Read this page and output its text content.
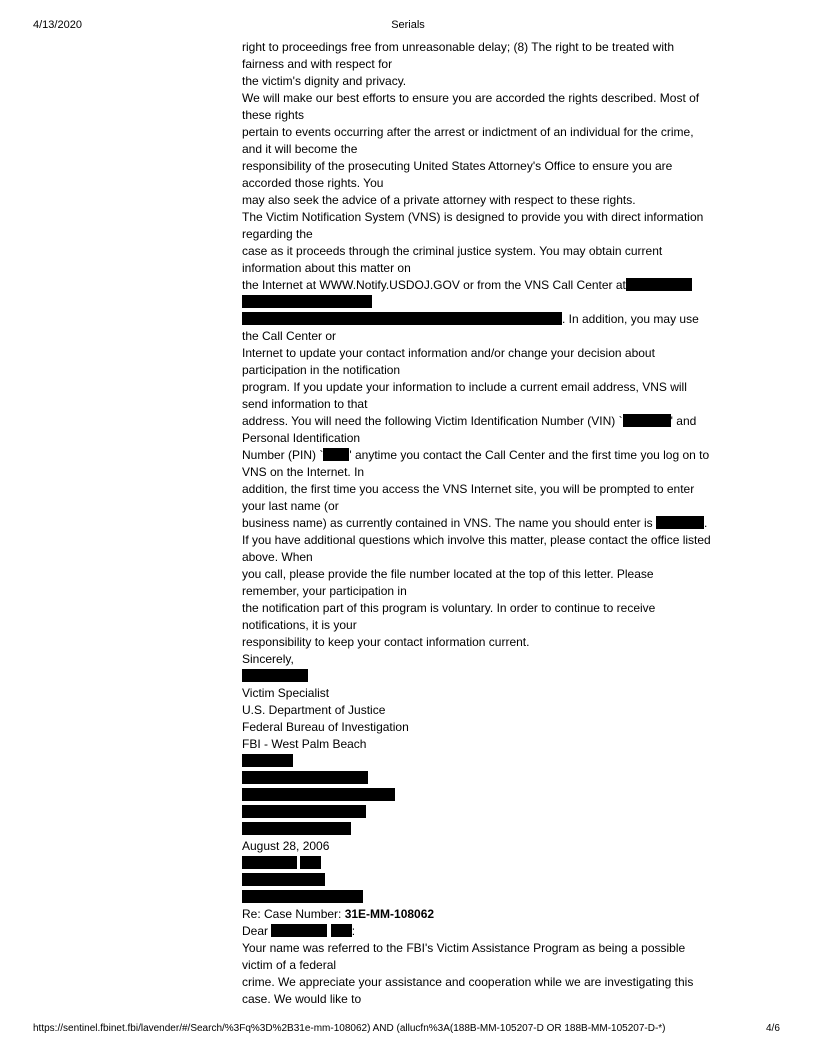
4/13/2020	Serials
right to proceedings free from unreasonable delay; (8) The right to be treated with
fairness and with respect for
the victim's dignity and privacy.
We will make our best efforts to ensure you are accorded the rights described. Most of
these rights
pertain to events occurring after the arrest or indictment of an individual for the crime,
and it will become the
responsibility of the prosecuting United States Attorney's Office to ensure you are
accorded those rights. You
may also seek the advice of a private attorney with respect to these rights.
The Victim Notification System (VNS) is designed to provide you with direct information
regarding the
case as it proceeds through the criminal justice system. You may obtain current
information about this matter on
the Internet at WWW.Notify.USDOJ.GOV or from the VNS Call Center at
. In addition, you may use
the Call Center or
Internet to update your contact information and/or change your decision about
participation in the notification
program. If you update your information to include a current email address, VNS will
send information to that
address. You will need the following Victim Identification Number (VIN) `	' and
Personal Identification
Number (PIN) ` ' anytime you contact the Call Center and the first time you log on to
VNS on the Internet. In
addition, the first time you access the VNS Internet site, you will be prompted to enter
your last name (or
business name) as currently contained in VNS. The name you should enter is	.
If you have additional questions which involve this matter, please contact the office listed
above. When
you call, please provide the file number located at the top of this letter. Please
remember, your participation in
the notification part of this program is voluntary. In order to continue to receive
notifications, it is your
responsibility to keep your contact information current.
Sincerely,
Victim Specialist
U.S. Department of Justice
Federal Bureau of Investigation
FBI - West Palm Beach
August 28, 2006

Re: Case Number: 31E-MM-108062
Dear	:
Your name was referred to the FBI's Victim Assistance Program as being a possible
victim of a federal
crime. We appreciate your assistance and cooperation while we are investigating this
case. We would like to
https://sentinel.fbinet.fbi/lavender/#/Search/%3Fq%3D%2B31e-mm-108062) AND (allucfn%3A(188B-MM-105207-D OR 188B-MM-105207-D-*)	4/6
